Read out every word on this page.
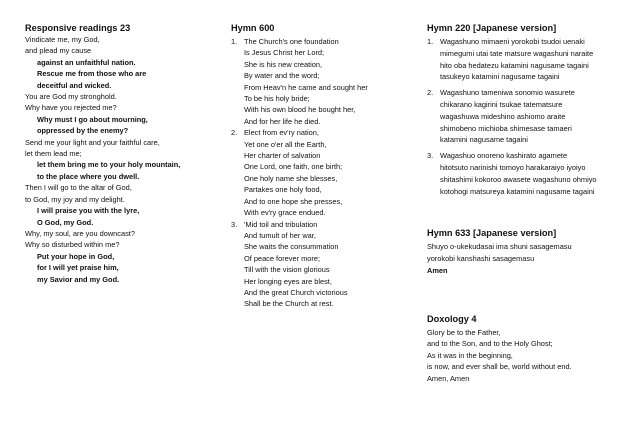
Responsive readings 23
Vindicate me, my God,
and plead my cause
against an unfaithful nation.
Rescue me from those who are
deceitful and wicked.
You are God my stronghold.
Why have you rejected me?
Why must I go about mourning,
oppressed by the enemy?
Send me your light and your faithful care,
let them lead me;
let them bring me to your holy mountain,
to the place where you dwell.
Then I will go to the altar of God,
to God, my joy and my delight.
I will praise you with the lyre,
O God, my God.
Why, my soul, are you downcast?
Why so disturbed within me?
Put your hope in God,
for I will yet praise him,
my Savior and my God.
Hymn 600
1. The Church's one foundation
Is Jesus Christ her Lord;
She is his new creation,
By water and the word;
From Heav'n he came and sought her
To be his holy bride;
With his own blood he bought her,
And for her life he died.
2. Elect from ev'ry nation,
Yet one o'er all the Earth,
Her charter of salvation
One Lord, one faith, one birth;
One holy name she blesses,
Partakes one holy food,
And to one hope she presses,
With ev'ry grace endued.
3. 'Mid toil and tribulation
And tumult of her war,
She waits the consummation
Of peace forever more;
Till with the vision glorious
Her longing eyes are blest,
And the great Church victorious
Shall be the Church at rest.
Hymn 220 [Japanese version]
1. Wagashuno mimaeni yorokobi tsudoi uenaki
mimegumi utai tate matsure wagashuni naraite
hito oba hedatezu katamini nagusame tagaini
tasukeyo katamini nagusame tagaini
2. Wagashuno tameniwa sonomio wasurete
chikarano kagirini tsukae tatematsure
wagashuwa mideshino ashiomo araite
shimobeno michioba shimesase tamaeri
katamini nagusame tagaini
3. Wagashuo onoreno kashirato agamete
hitotsuto narinishi tomoyo harakaraiyo iyoiyo
shitashimi kokoroo awasete wagashuno ohmiyo
kotohogi matsureya katamini nagusame tagaini
Hymn 633 [Japanese version]
Shuyo o-ukekudasai ima shuni sasagemasu
yorokobi kanshashi sasagemasu
Amen
Doxology 4
Glory be to the Father,
and to the Son, and to the Holy Ghost;
As it was in the beginning,
is now, and ever shall be, world without end.
Amen, Amen
